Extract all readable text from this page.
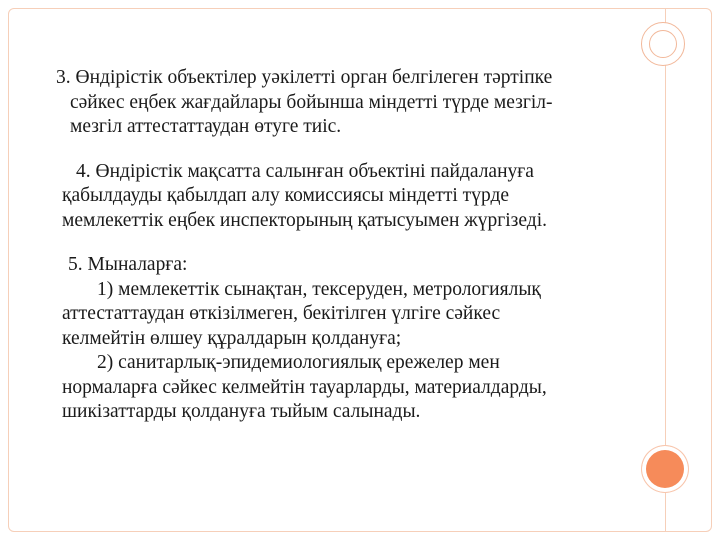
3. Өндірістік объектілер уәкілетті орган белгілеген тәртіпке
сәйкес еңбек жағдайлары бойынша міндетті түрде мезгіл-
мезгіл аттестаттаудан өтуге тиіс.

4. Өндірістік мақсатта салынған объектіні пайдалануға
қабылдауды қабылдап алу комиссиясы міндетті түрде
мемлекеттік еңбек инспекторының қатысуымен жүргізеді.

5. Мыналарға:
1) мемлекеттік сынақтан, тексеруден, метрологиялық
аттестаттаудан өткізілмеген, бекітілген үлгіге сәйкес
келмейтін өлшеу құралдарын қолдануға;
2) санитарлық-эпидемиологиялық ережелер мен
нормаларға сәйкес келмейтін тауарларды, материалдарды,
шикізаттарды қолдануға тыйым салынады.
